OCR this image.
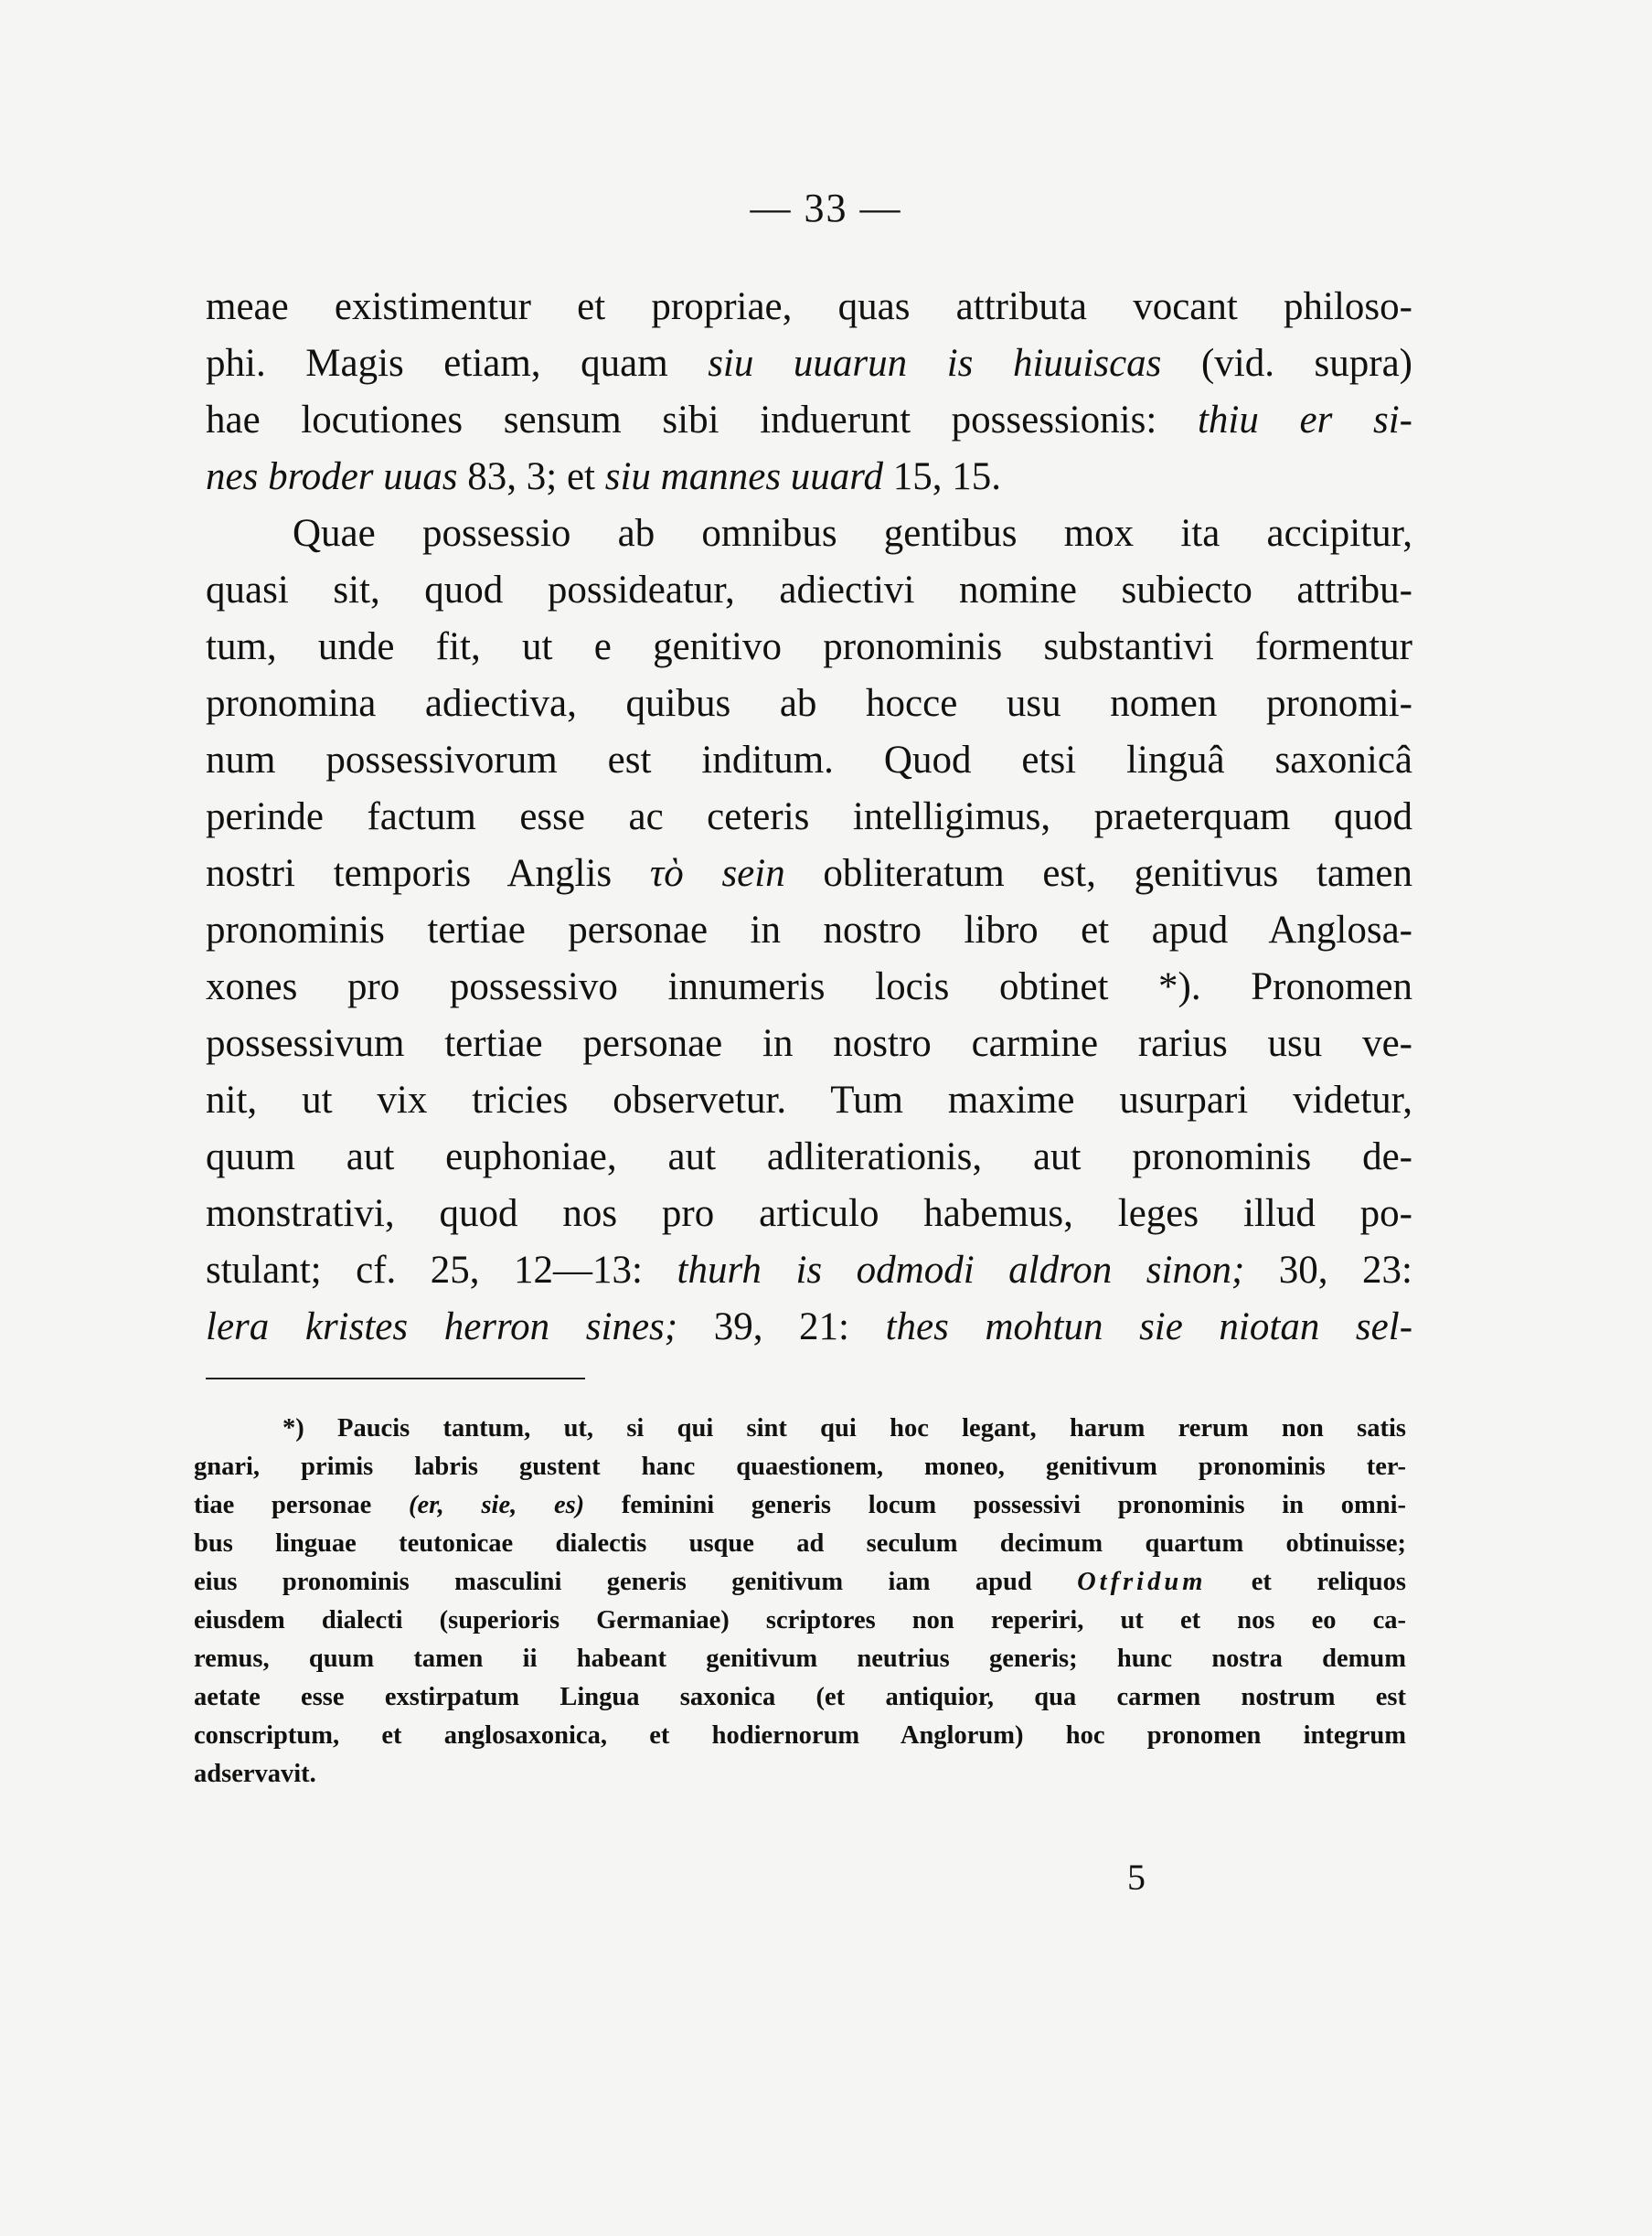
— 33 —
meae existimentur et propriae, quas attributa vocant philoso-
phi. Magis etiam, quam siu uuarun is hiuuiscas (vid. supra)
hae locutiones sensum sibi induerunt possessionis: thiu er si-
nes broder uuas 83, 3; et siu mannes uuard 15, 15.
Quae possessio ab omnibus gentibus mox ita accipitur,
quasi sit, quod possideatur, adiectivi nomine subiecto attribu-
tum, unde fit, ut e genitivo pronominis substantivi formentur
pronomina adiectiva, quibus ab hocce usu nomen pronomi-
num possessivorum est inditum. Quod etsi linguâ saxonicâ
perinde factum esse ac ceteris intelligimus, praeterquam quod
nostri temporis Anglis τὸ sein obliteratum est, genitivus tamen
pronominis tertiae personae in nostro libro et apud Anglosa-
xones pro possessivo innumeris locis obtinet *). Pronomen
possessivum tertiae personae in nostro carmine rarius usu ve-
nit, ut vix tricies observetur. Tum maxime usurpari videtur,
quum aut euphoniae, aut adliterationis, aut pronominis de-
monstrativi, quod nos pro articulo habemus, leges illud po-
stulant; cf. 25, 12—13: thurh is odmodi aldron sinon; 30, 23:
lera kristes herron sines; 39, 21: thes mohtun sie niotan sel-
*) Paucis tantum, ut, si qui sint qui hoc legant, harum rerum non satis
gnari, primis labris gustent hanc quaestionem, moneo, genitivum pronominis ter-
tiae personae (er, sie, es) feminini generis locum possessivi pronominis in omni-
bus linguae teutonicae dialectis usque ad seculum decimum quartum obtinuisse;
eius pronominis masculini generis genitivum iam apud Otfridum et reliquos
eiusdem dialecti (superioris Germaniae) scriptores non reperiri, ut et nos eo ca-
remus, quum tamen ii habeant genitivum neutrius generis; hunc nostra demum
aetate esse exstirpatum Lingua saxonica (et antiquior, qua carmen nostrum est
conscriptum, et anglosaxonica, et hodiernorum Anglorum) hoc pronomen integrum
adservavit.
5
